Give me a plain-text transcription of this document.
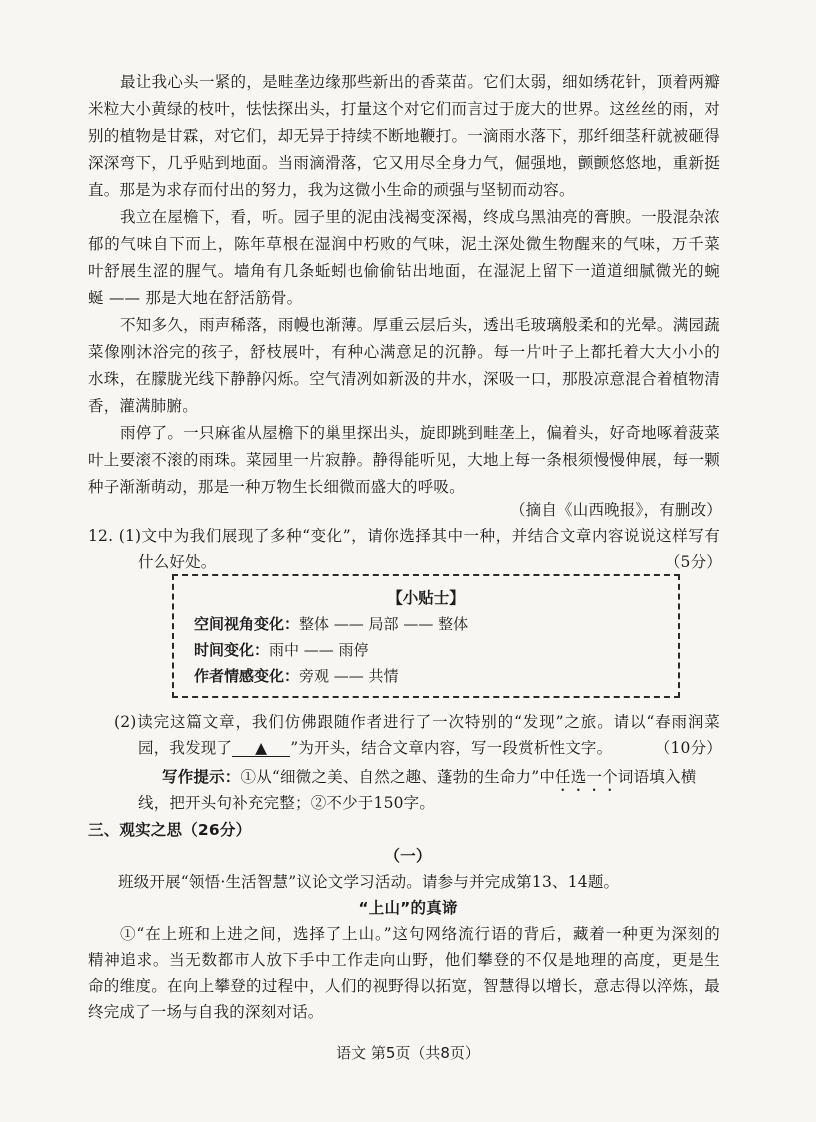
最让我心头一紧的，是畦垄边缘那些新出的香菜苗。它们太弱，细如绣花针，顶着两瓣
米粒大小黄绿的枝叶，怯怯探出头，打量这个对它们而言过于庞大的世界。这丝丝的雨，对
别的植物是甘霖，对它们，却无异于持续不断地鞭打。一滴雨水落下，那纤细茎秆就被砸得
深深弯下，几乎贴到地面。当雨滴滑落，它又用尽全身力气，倔强地，颤颤悠悠地，重新挺
直。那是为求存而付出的努力，我为这微小生命的顽强与坚韧而动容。
我立在屋檐下，看，听。园子里的泥由浅褐变深褐，终成乌黑油亮的膏腴。一股混杂浓
郁的气味自下而上，陈年草根在湿润中朽败的气味，泥土深处微生物醒来的气味，万千菜
叶舒展生涩的腥气。墙角有几条蚯蚓也偷偷钻出地面，在湿泥上留下一道道细腻微光的蜿
蜒 —— 那是大地在舒活筋骨。
不知多久，雨声稀落，雨幔也渐薄。厚重云层后头，透出毛玻璃般柔和的光晕。满园蔬
菜像刚沐浴完的孩子，舒枝展叶，有种心满意足的沉静。每一片叶子上都托着大大小小的
水珠，在朦胧光线下静静闪烁。空气清冽如新汲的井水，深吸一口，那股凉意混合着植物清
香，灌满肺腑。
雨停了。一只麻雀从屋檐下的巢里探出头，旋即跳到畦垄上，偏着头，好奇地啄着菠菜
叶上要滚不滚的雨珠。菜园里一片寂静。静得能听见，大地上每一条根须慢慢伸展，每一颗
种子渐渐萌动，那是一种万物生长细微而盛大的呼吸。
（摘自《山西晚报》，有删改）
12. (1)文中为我们展现了多种“变化”，请你选择其中一种，并结合文章内容说说这样写有
什么好处。	（5分）
【小贴士】
空间视角变化：整体 —— 局部 —— 整体
时间变化：雨中 —— 雨停
作者情感变化：旁观 —— 共情
(2)读完这篇文章，我们仿佛跟随作者进行了一次特别的“发现”之旅。请以“春雨润菜
园，我发现了 ▲ ”为开头，结合文章内容，写一段赏析性文字。	（10分）
写作提示：①从“细微之美、自然之趣、蓬勃的生命力”中任选一个词语填入横
线，把开头句补充完整；②不少于150字。
三、观实之思（26分）
（一）
班级开展“领悟·生活智慧”议论文学习活动。请参与并完成第13、14题。
“上山”的真谛
①“在上班和上进之间，选择了上山。”这句网络流行语的背后，藏着一种更为深刻的
精神追求。当无数都市人放下手中工作走向山野，他们攀登的不仅是地理的高度，更是生
命的维度。在向上攀登的过程中，人们的视野得以拓宽，智慧得以增长，意志得以淬炼，最
终完成了一场与自我的深刻对话。
语文 第5页（共8页）
